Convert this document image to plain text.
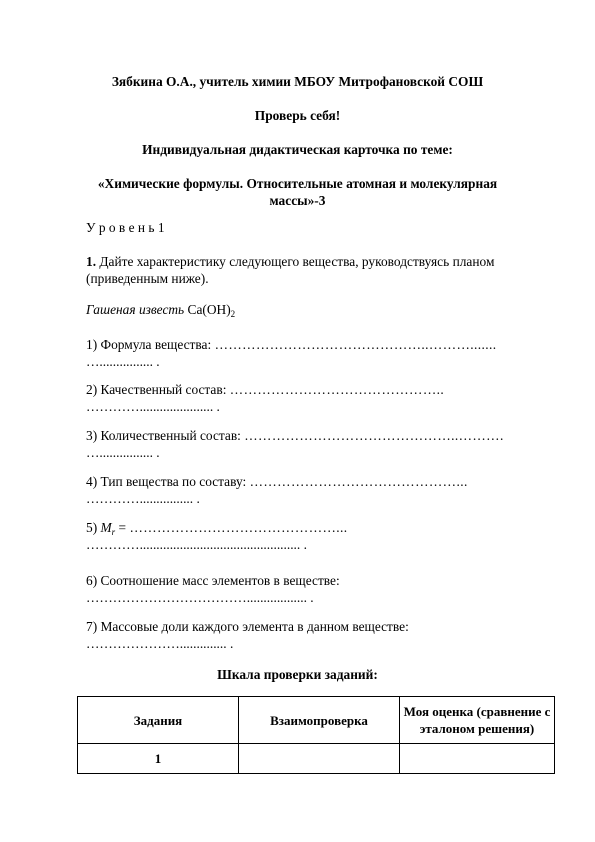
Зябкина О.А., учитель химии МБОУ Митрофановской СОШ
Проверь себя!
Индивидуальная дидактическая карточка по теме:
«Химические формулы. Относительные атомная и молекулярная
массы»-3
У р о в е н ь 1
1. Дайте характеристику следующего вещества, руководствуясь планом
(приведенным ниже).
Гашеная известь $Ca(OH)_2$
1) Формула вещества: ………………………………………..……….......
…................ .
2) Качественный состав: ………………………………………..
…………...................... .
3) Количественный состав: ………………………………………..……….
…................ .
4) Тип вещества по составу: ………………………………………...
…………................ .
5) $M_r$ = ………………………………………...
…………................................................ .
6) Соотношение масс элементов в веществе:
……………………………….................. .
7) Массовые доли каждого элемента в данном веществе:
………………….............. .
Шкала проверки заданий:
Задания	Взаимопроверка	Моя оценка (сравнение с эталоном решения)
1		
